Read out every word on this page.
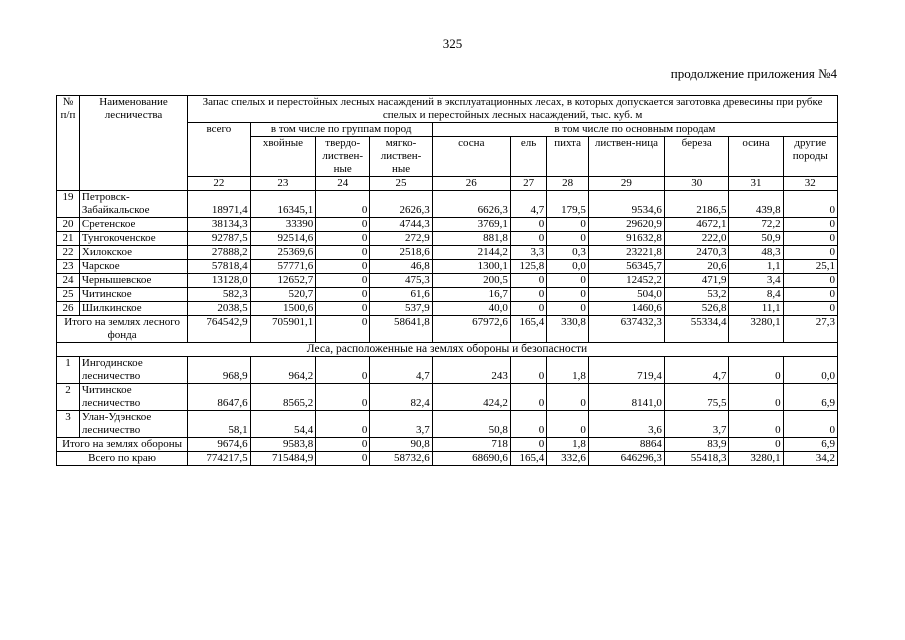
325
продолжение приложения №4
№ п/п	Наименование лесничества	Запас спелых и перестойных лесных насаждений в эксплуатационных лесах, в которых допускается заготовка древесины при рубке спелых и перестойных лесных насаждений, тыс. куб. м										
		всего	в том числе по группам пород			в том числе по основным породам						
			хвойные	твердо-листвен-ные	мягко-листвен-ные	сосна	ель	пихта	листвен-ница	береза	осина	другие породы
		22	23	24	25	26	27	28	29	30	31	32
19	Петровск-Забайкальское	18971,4	16345,1	0	2626,3	6626,3	4,7	179,5	9534,6	2186,5	439,8	0
20	Сретенское	38134,3	33390	0	4744,3	3769,1	0	0	29620,9	4672,1	72,2	0
21	Тунгокоченское	92787,5	92514,6	0	272,9	881,8	0	0	91632,8	222,0	50,9	0
22	Хилокское	27888,2	25369,6	0	2518,6	2144,2	3,3	0,3	23221,8	2470,3	48,3	0
23	Чарское	57818,4	57771,6	0	46,8	1300,1	125,8	0,0	56345,7	20,6	1,1	25,1
24	Чернышевское	13128,0	12652,7	0	475,3	200,5	0	0	12452,2	471,9	3,4	0
25	Читинское	582,3	520,7	0	61,6	16,7	0	0	504,0	53,2	8,4	0
26	Шилкинское	2038,5	1500,6	0	537,9	40,0	0	0	1460,6	526,8	11,1	0
Итого на землях лесного фонда		764542,9	705901,1	0	58641,8	67972,6	165,4	330,8	637432,3	55334,4	3280,1	27,3
Леса, расположенные на землях обороны и безопасности												
1	Ингодинское лесничество	968,9	964,2	0	4,7	243	0	1,8	719,4	4,7	0	0,0
2	Читинское лесничество	8647,6	8565,2	0	82,4	424,2	0	0	8141,0	75,5	0	6,9
3	Улан-Удэнское лесничество	58,1	54,4	0	3,7	50,8	0	0	3,6	3,7	0	0
Итого на землях обороны		9674,6	9583,8	0	90,8	718	0	1,8	8864	83,9	0	6,9
Всего по краю		774217,5	715484,9	0	58732,6	68690,6	165,4	332,6	646296,3	55418,3	3280,1	34,2
